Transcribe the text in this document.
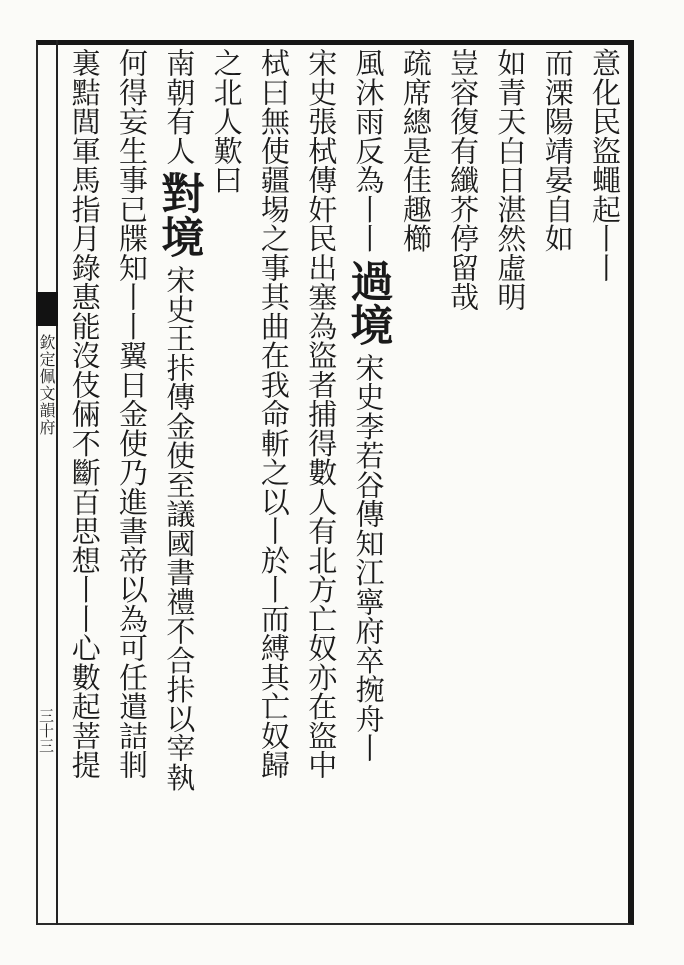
欽定佩文韻府
三十三
意化民盜蠅起丨丨
而溧陽靖晏自如
如青天白日湛然虛明
豈容復有纖芥停留哉
疏席總是佳趣櫛
風沐雨反為丨丨過境宋史李若谷傳知江寧府卒捥舟丨
宋史張栻傳奸民出塞為盜者捕得數人有北方亡奴亦在盜中
栻曰無使疆埸之事其曲在我命斬之以丨於丨而縛其亡奴歸
之北人歎曰
南朝有人對境宋史王拤傳金使至議國書禮不合拤以宰執
何得妄生事已牒知丨丨翼日金使乃進書帝以為可任遣詰剕
裏黠閭軍馬指月錄惠能沒伎倆不斷百思想丨丨心數起菩提
